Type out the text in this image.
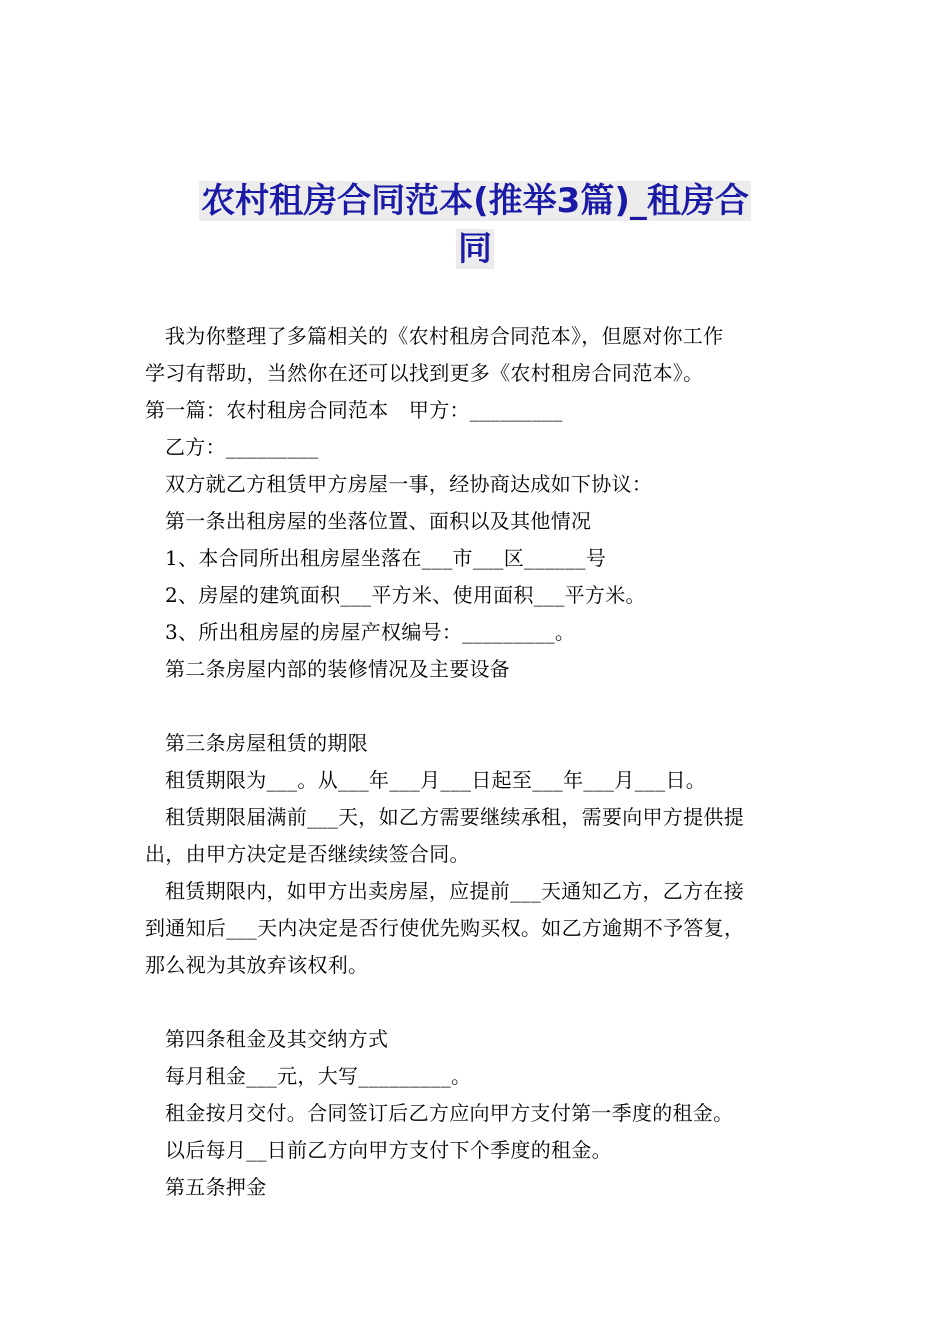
农村租房合同范本(推举3篇)_租房合
同
我为你整理了多篇相关的《农村租房合同范本》，但愿对你工作
学习有帮助，当然你在还可以找到更多《农村租房合同范本》。
第一篇：农村租房合同范本　甲方：_________
乙方：_________
双方就乙方租赁甲方房屋一事，经协商达成如下协议：
第一条出租房屋的坐落位置、面积以及其他情况
1、本合同所出租房屋坐落在___市___区______号
2、房屋的建筑面积___平方米、使用面积___平方米。
3、所出租房屋的房屋产权编号：_________。
第二条房屋内部的装修情况及主要设备
第三条房屋租赁的期限
租赁期限为___。从___年___月___日起至___年___月___日。
租赁期限届满前___天，如乙方需要继续承租，需要向甲方提供提
出，由甲方决定是否继续续签合同。
租赁期限内，如甲方出卖房屋，应提前___天通知乙方，乙方在接
到通知后___天内决定是否行使优先购买权。如乙方逾期不予答复，
那么视为其放弃该权利。
第四条租金及其交纳方式
每月租金___元，大写_________。
租金按月交付。合同签订后乙方应向甲方支付第一季度的租金。
以后每月__日前乙方向甲方支付下个季度的租金。
第五条押金
